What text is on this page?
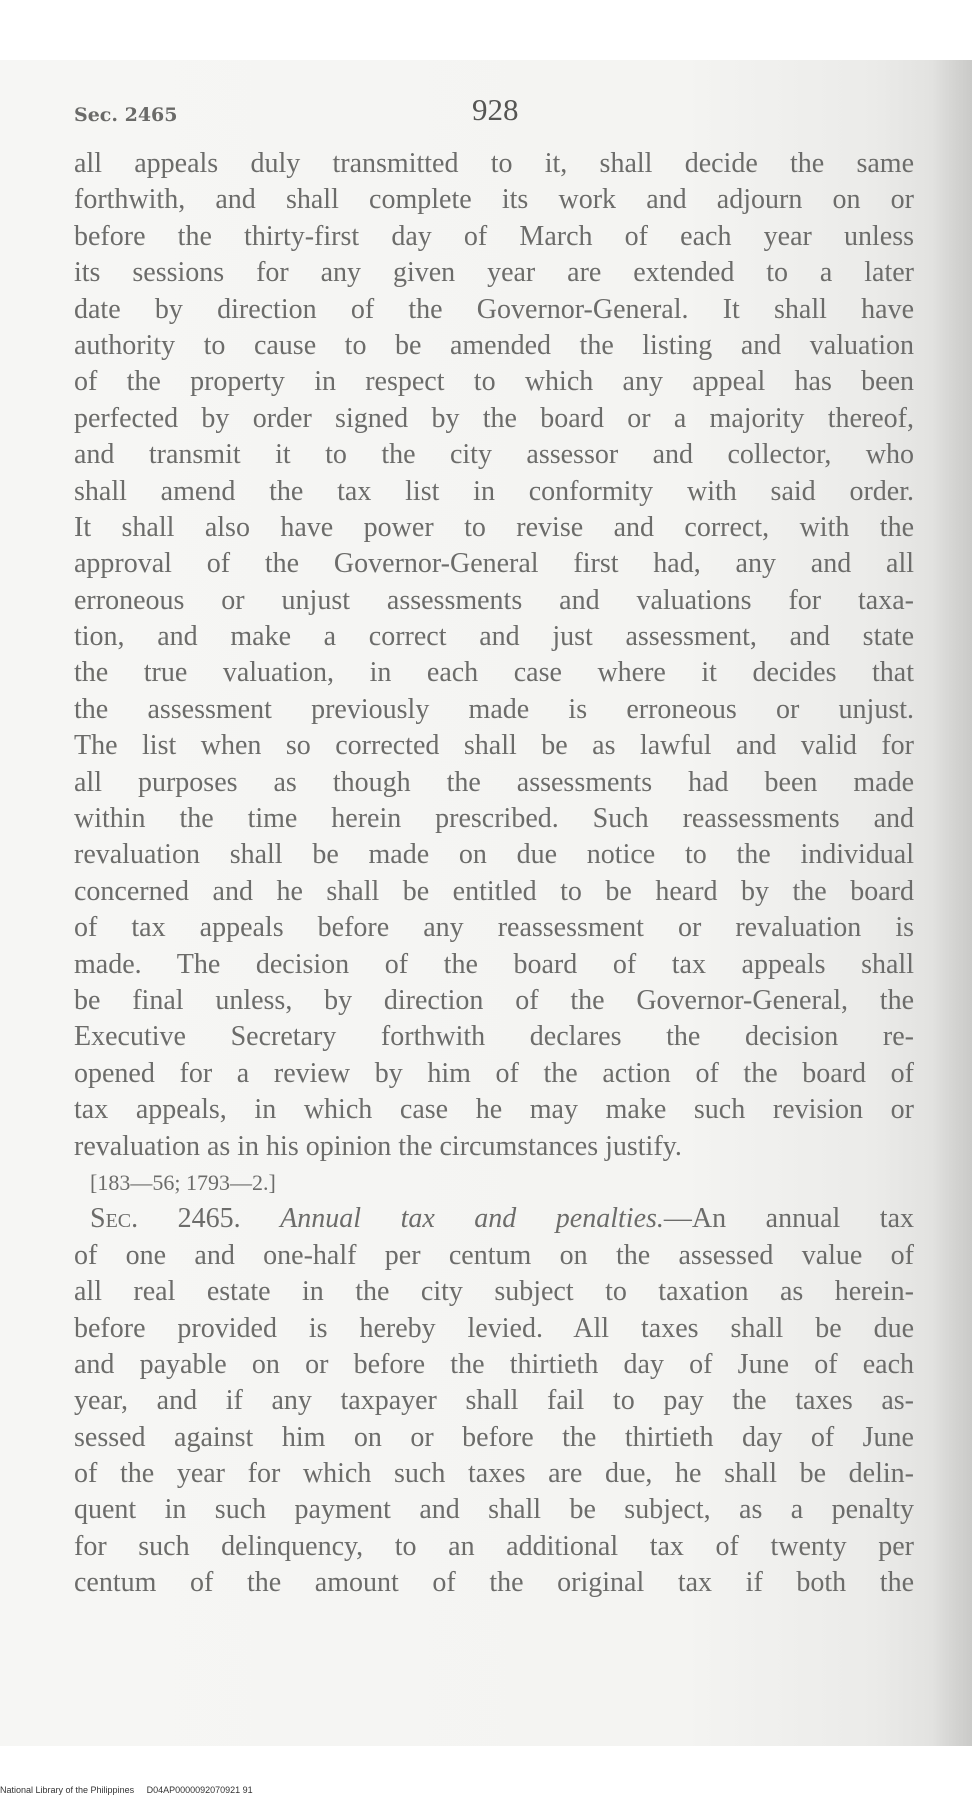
Sec. 2465	928
all appeals duly transmitted to it, shall decide the same
forthwith, and shall complete its work and adjourn on or
before the thirty-first day of March of each year unless
its sessions for any given year are extended to a later
date by direction of the Governor-General. It shall have
authority to cause to be amended the listing and valuation
of the property in respect to which any appeal has been
perfected by order signed by the board or a majority thereof,
and transmit it to the city assessor and collector, who
shall amend the tax list in conformity with said order.
It shall also have power to revise and correct, with the
approval of the Governor-General first had, any and all
erroneous or unjust assessments and valuations for taxa-
tion, and make a correct and just assessment, and state
the true valuation, in each case where it decides that
the assessment previously made is erroneous or unjust.
The list when so corrected shall be as lawful and valid for
all purposes as though the assessments had been made
within the time herein prescribed. Such reassessments and
revaluation shall be made on due notice to the individual
concerned and he shall be entitled to be heard by the board
of tax appeals before any reassessment or revaluation is
made. The decision of the board of tax appeals shall
be final unless, by direction of the Governor-General, the
Executive Secretary forthwith declares the decision re-
opened for a review by him of the action of the board of
tax appeals, in which case he may make such revision or
revaluation as in his opinion the circumstances justify.
[183—56; 1793—2.]
Sec. 2465. Annual tax and penalties.—An annual tax
of one and one-half per centum on the assessed value of
all real estate in the city subject to taxation as herein-
before provided is hereby levied. All taxes shall be due
and payable on or before the thirtieth day of June of each
year, and if any taxpayer shall fail to pay the taxes as-
sessed against him on or before the thirtieth day of June
of the year for which such taxes are due, he shall be delin-
quent in such payment and shall be subject, as a penalty
for such delinquency, to an additional tax of twenty per
centum of the amount of the original tax if both the
National Library of the Philippines D04AP0000092070921 91
